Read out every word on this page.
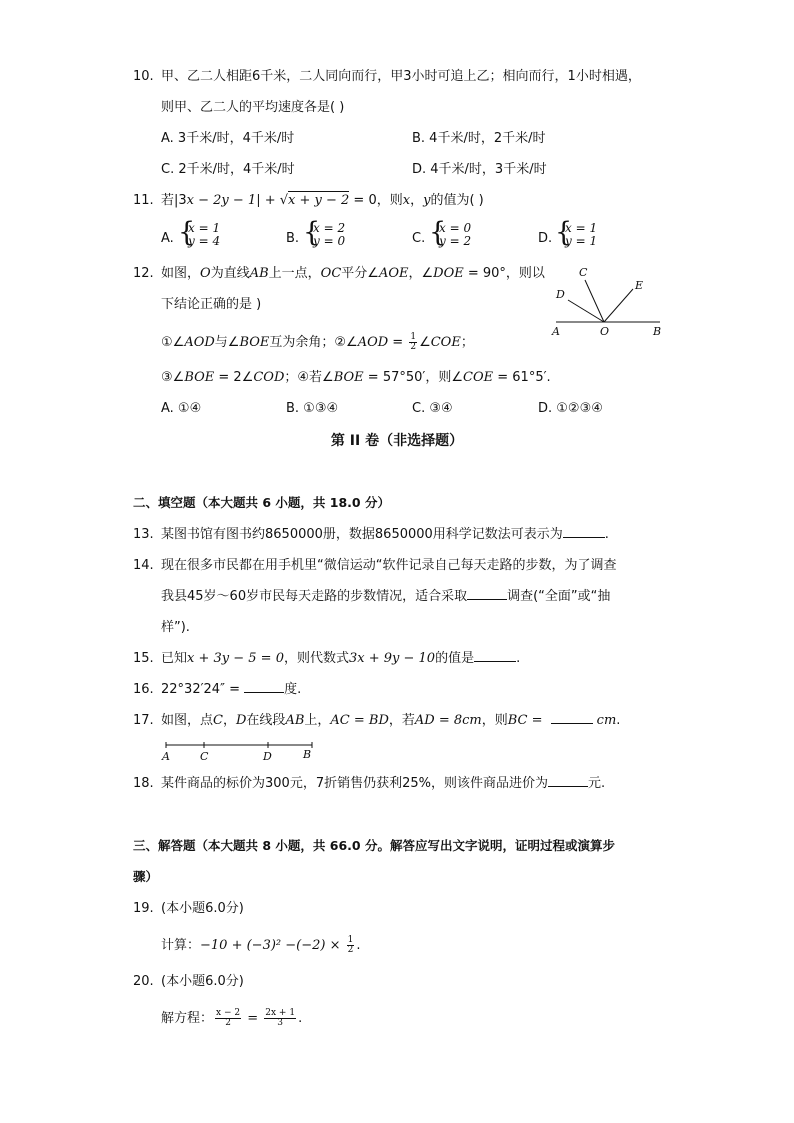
10. 甲、乙二人相距6千米，二人同向而行，甲3小时可追上乙；相向而行，1小时相遇，
则甲、乙二人的平均速度各是( )
A. 3千米/时，4千米/时	B. 4千米/时，2千米/时
C. 2千米/时，4千米/时	D. 4千米/时，3千米/时
11. 若|3x − 2y − 1| + √x + y − 2 = 0，则x，y的值为( )
A. {
x = 1
y = 4	B. {
x = 2
y = 0	C. {
x = 0
y = 2	D. {
x = 1
y = 1
12. 如图，O为直线AB上一点，OC平分∠AOE，∠DOE = 90°，则以
下结论正确的是 )
①∠AOD与∠BOE互为余角；②∠AOD = $\frac{1}{2}$ ∠COE；
③∠BOE = 2∠COD；④若∠BOE = 57°50′，则∠COE = 61°5′.
A. ①④	B. ①③④	C. ③④	D. ①②③④
C
E
D
A	O	B
第 II 卷（非选择题）
二、填空题（本大题共 6 小题，共 18.0 分）
13. 某图书馆有图书约8650000册，数据8650000用科学记数法可表示为	.
14. 现在很多市民都在用手机里“微信运动“软件记录自己每天走路的步数，为了调查
我县45岁～60岁市民每天走路的步数情况，适合采取	调查(“全面”或“抽
样”).
15. 已知x + 3y − 5 = 0，则代数式3x + 9y − 10的值是	.
16. 22°32′24″ =	度.
17. 如图，点C，D在线段AB上，AC = BD，若AD = 8cm，则BC =	cm.
A	C	D	B
18. 某件商品的标价为300元，7折销售仍获利25%，则该件商品进价为	元.
三、解答题（本大题共 8 小题，共 66.0 分。解答应写出文字说明，证明过程或演算步
骤）
19. (本小题6.0分)
计算：$-10 + (-3)^2 -(-2) \times \frac{1}{2}$ .
20. (本小题6.0分)
解方程： $\frac{x - 2}{2} = \frac{2x + 1}{3}$ .
